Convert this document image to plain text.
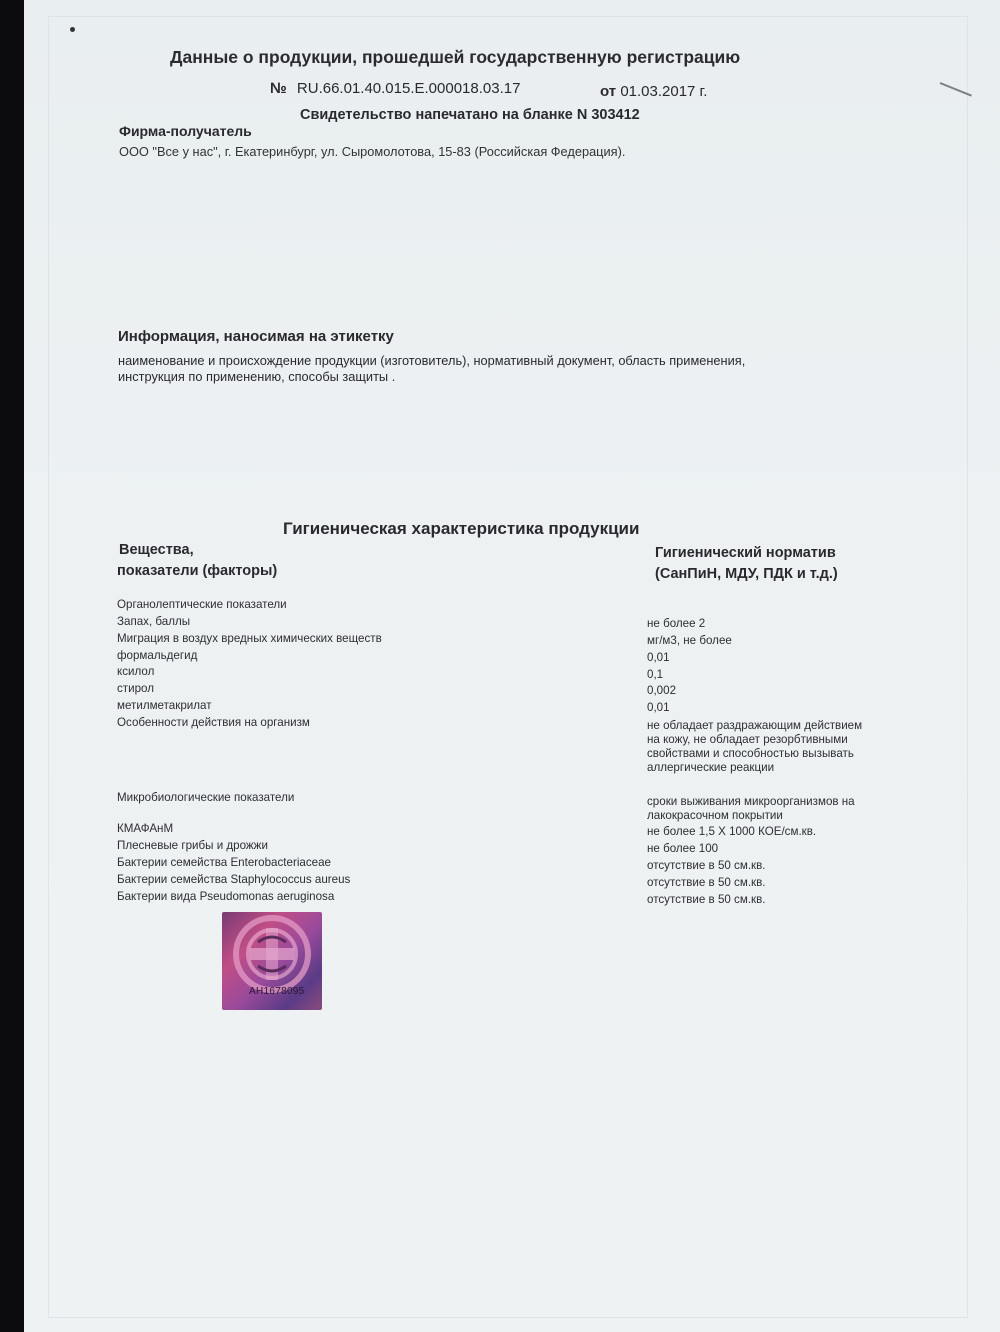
Данные о продукции, прошедшей государственную регистрацию
№ RU.66.01.40.015.Е.000018.03.17	от 01.03.2017 г.
Свидетельство напечатано на бланке N 303412
Фирма-получатель
ООО "Все у нас", г. Екатеринбург, ул. Сыромолотова, 15-83 (Российская Федерация).
Информация, наносимая на этикетку
наименование и происхождение продукции (изготовитель), нормативный документ, область применения,
инструкция по применению, способы защиты .
Гигиеническая характеристика продукции
Вещества,
показатели (факторы)
Гигиенический норматив
(СанПиН, МДУ, ПДК и т.д.)
Органолептические показатели
Запах, баллы	не более 2
Миграция в воздух вредных химических веществ	мг/м3, не более
формальдегид	0,01
ксилол	0,1
стирол	0,002
метилметакрилат	0,01
Особенности действия на организм	не обладает раздражающим действием на кожу, не обладает резорбтивными свойствами и способностью вызывать аллергические реакции
Микробиологические показатели	сроки выживания микроорганизмов на лакокрасочном покрытии
КМАФАнМ	не более 1,5 Х 1000 КОЕ/см.кв.
Плесневые грибы и дрожжи	не более 100
Бактерии семейства Enterobacteriaceae	отсутствие в 50 см.кв.
Бактерии семейства Staphylococcus aureus	отсутствие в 50 см.кв.
Бактерии вида Pseudomonas aeruginosa	отсутствие в 50 см.кв.
АН1678095
